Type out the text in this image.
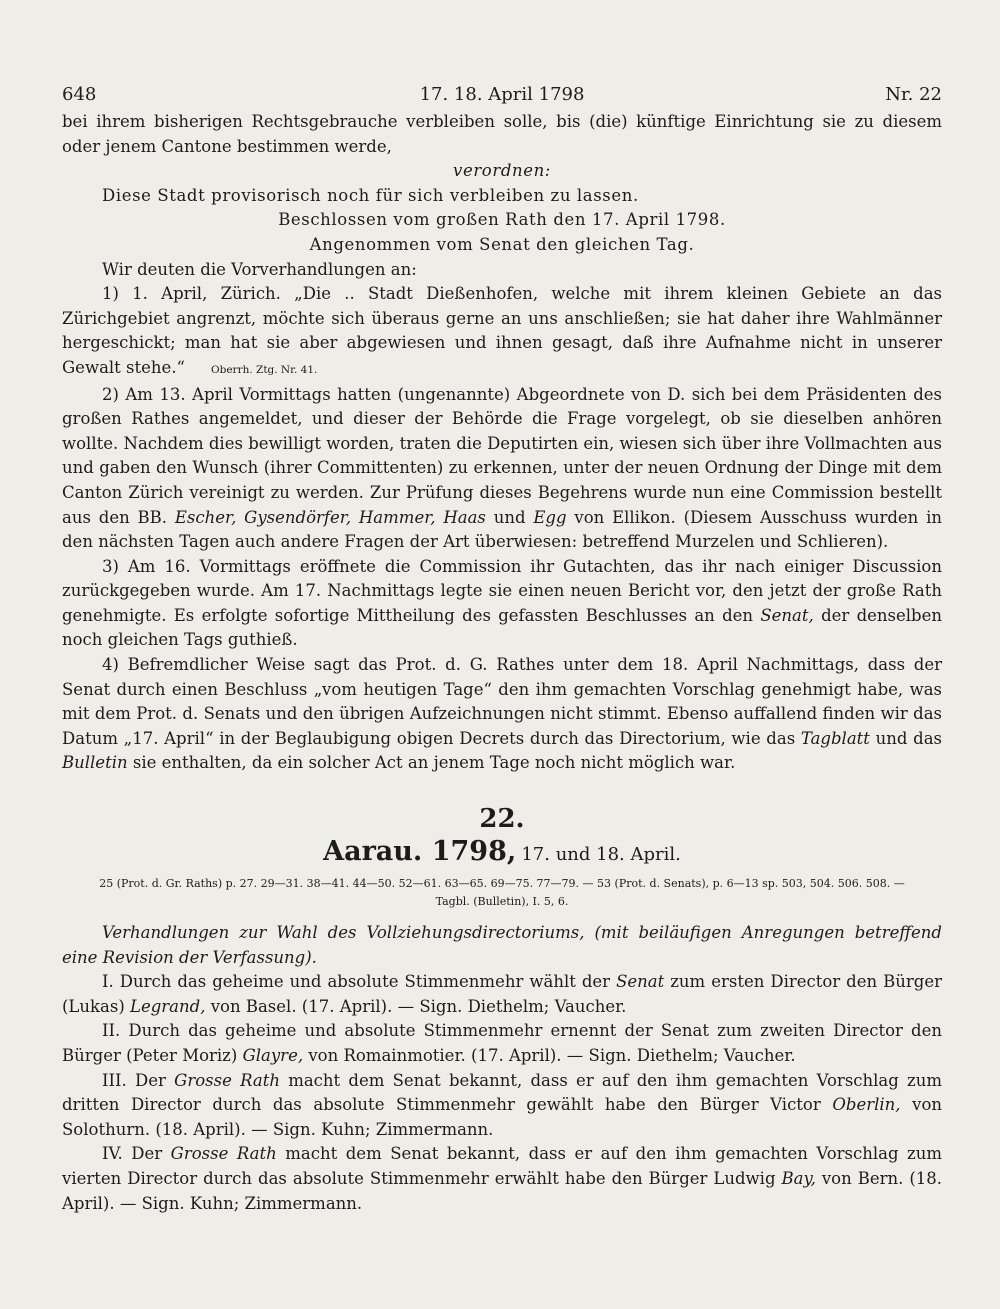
648	17. 18. April 1798	Nr. 22

bei ihrem bisherigen Rechtsgebrauche verbleiben solle, bis (die) künftige Einrichtung sie zu diesem oder jenem Cantone bestimmen werde,

verordnen:

Diese Stadt provisorisch noch für sich verbleiben zu lassen.

Beschlossen vom großen Rath den 17. April 1798.

Angenommen vom Senat den gleichen Tag.

Wir deuten die Vorverhandlungen an:

1) 1. April, Zürich. „Die .. Stadt Dießenhofen, welche mit ihrem kleinen Gebiete an das Zürichgebiet angrenzt, möchte sich überaus gerne an uns anschließen; sie hat daher ihre Wahlmänner hergeschickt; man hat sie aber abgewiesen und ihnen gesagt, daß ihre Aufnahme nicht in unserer Gewalt stehe.“ Oberrh. Ztg. Nr. 41.

2) Am 13. April Vormittags hatten (ungenannte) Abgeordnete von D. sich bei dem Präsidenten des großen Rathes angemeldet, und dieser der Behörde die Frage vorgelegt, ob sie dieselben anhören wollte. Nachdem dies bewilligt worden, traten die Deputirten ein, wiesen sich über ihre Vollmachten aus und gaben den Wunsch (ihrer Committenten) zu erkennen, unter der neuen Ordnung der Dinge mit dem Canton Zürich vereinigt zu werden. Zur Prüfung dieses Begehrens wurde nun eine Commission bestellt aus den BB. Escher, Gysendörfer, Hammer, Haas und Egg von Ellikon. (Diesem Ausschuss wurden in den nächsten Tagen auch andere Fragen der Art überwiesen: betreffend Murzelen und Schlieren).

3) Am 16. Vormittags eröffnete die Commission ihr Gutachten, das ihr nach einiger Discussion zurückgegeben wurde. Am 17. Nachmittags legte sie einen neuen Bericht vor, den jetzt der große Rath genehmigte. Es erfolgte sofortige Mittheilung des gefassten Beschlusses an den Senat, der denselben noch gleichen Tags guthieß.

4) Befremdlicher Weise sagt das Prot. d. G. Rathes unter dem 18. April Nachmittags, dass der Senat durch einen Beschluss „vom heutigen Tage“ den ihm gemachten Vorschlag genehmigt habe, was mit dem Prot. d. Senats und den übrigen Aufzeichnungen nicht stimmt. Ebenso auffallend finden wir das Datum „17. April“ in der Beglaubigung obigen Decrets durch das Directorium, wie das Tagblatt und das Bulletin sie enthalten, da ein solcher Act an jenem Tage noch nicht möglich war.

22.
Aarau. 1798, 17. und 18. April.
25 (Prot. d. Gr. Raths) p. 27. 29—31. 38—41. 44—50. 52—61. 63—65. 69—75. 77—79. — 53 (Prot. d. Senats), p. 6—13 sp. 503, 504. 506. 508. —
Tagbl. (Bulletin), I. 5, 6.

Verhandlungen zur Wahl des Vollziehungsdirectoriums, (mit beiläufigen Anregungen betreffend eine Revision der Verfassung).

I. Durch das geheime und absolute Stimmenmehr wählt der Senat zum ersten Director den Bürger (Lukas) Legrand, von Basel. (17. April). — Sign. Diethelm; Vaucher.

II. Durch das geheime und absolute Stimmenmehr ernennt der Senat zum zweiten Director den Bürger (Peter Moriz) Glayre, von Romainmotier. (17. April). — Sign. Diethelm; Vaucher.

III. Der Grosse Rath macht dem Senat bekannt, dass er auf den ihm gemachten Vorschlag zum dritten Director durch das absolute Stimmenmehr gewählt habe den Bürger Victor Oberlin, von Solothurn. (18. April). — Sign. Kuhn; Zimmermann.

IV. Der Grosse Rath macht dem Senat bekannt, dass er auf den ihm gemachten Vorschlag zum vierten Director durch das absolute Stimmenmehr erwählt habe den Bürger Ludwig Bay, von Bern. (18. April). — Sign. Kuhn; Zimmermann.
